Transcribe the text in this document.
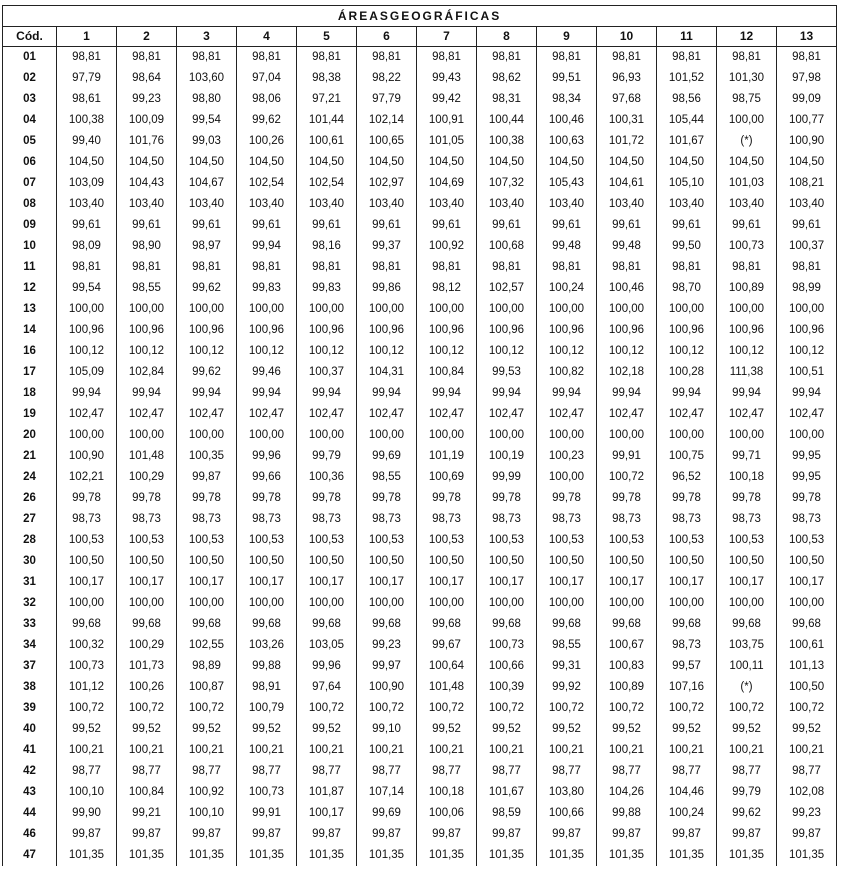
ÁREASGEOGRÁFICAS													
Cód.	1	2	3	4	5	6	7	8	9	10	11	12	13
01	98,81	98,81	98,81	98,81	98,81	98,81	98,81	98,81	98,81	98,81	98,81	98,81	98,81
02	97,79	98,64	103,60	97,04	98,38	98,22	99,43	98,62	99,51	96,93	101,52	101,30	97,98
03	98,61	99,23	98,80	98,06	97,21	97,79	99,42	98,31	98,34	97,68	98,56	98,75	99,09
04	100,38	100,09	99,54	99,62	101,44	102,14	100,91	100,44	100,46	100,31	105,44	100,00	100,77
05	99,40	101,76	99,03	100,26	100,61	100,65	101,05	100,38	100,63	101,72	101,67	(*)	100,90
06	104,50	104,50	104,50	104,50	104,50	104,50	104,50	104,50	104,50	104,50	104,50	104,50	104,50
07	103,09	104,43	104,67	102,54	102,54	102,97	104,69	107,32	105,43	104,61	105,10	101,03	108,21
08	103,40	103,40	103,40	103,40	103,40	103,40	103,40	103,40	103,40	103,40	103,40	103,40	103,40
09	99,61	99,61	99,61	99,61	99,61	99,61	99,61	99,61	99,61	99,61	99,61	99,61	99,61
10	98,09	98,90	98,97	99,94	98,16	99,37	100,92	100,68	99,48	99,48	99,50	100,73	100,37
11	98,81	98,81	98,81	98,81	98,81	98,81	98,81	98,81	98,81	98,81	98,81	98,81	98,81
12	99,54	98,55	99,62	99,83	99,83	99,86	98,12	102,57	100,24	100,46	98,70	100,89	98,99
13	100,00	100,00	100,00	100,00	100,00	100,00	100,00	100,00	100,00	100,00	100,00	100,00	100,00
14	100,96	100,96	100,96	100,96	100,96	100,96	100,96	100,96	100,96	100,96	100,96	100,96	100,96
16	100,12	100,12	100,12	100,12	100,12	100,12	100,12	100,12	100,12	100,12	100,12	100,12	100,12
17	105,09	102,84	99,62	99,46	100,37	104,31	100,84	99,53	100,82	102,18	100,28	111,38	100,51
18	99,94	99,94	99,94	99,94	99,94	99,94	99,94	99,94	99,94	99,94	99,94	99,94	99,94
19	102,47	102,47	102,47	102,47	102,47	102,47	102,47	102,47	102,47	102,47	102,47	102,47	102,47
20	100,00	100,00	100,00	100,00	100,00	100,00	100,00	100,00	100,00	100,00	100,00	100,00	100,00
21	100,90	101,48	100,35	99,96	99,79	99,69	101,19	100,19	100,23	99,91	100,75	99,71	99,95
24	102,21	100,29	99,87	99,66	100,36	98,55	100,69	99,99	100,00	100,72	96,52	100,18	99,95
26	99,78	99,78	99,78	99,78	99,78	99,78	99,78	99,78	99,78	99,78	99,78	99,78	99,78
27	98,73	98,73	98,73	98,73	98,73	98,73	98,73	98,73	98,73	98,73	98,73	98,73	98,73
28	100,53	100,53	100,53	100,53	100,53	100,53	100,53	100,53	100,53	100,53	100,53	100,53	100,53
30	100,50	100,50	100,50	100,50	100,50	100,50	100,50	100,50	100,50	100,50	100,50	100,50	100,50
31	100,17	100,17	100,17	100,17	100,17	100,17	100,17	100,17	100,17	100,17	100,17	100,17	100,17
32	100,00	100,00	100,00	100,00	100,00	100,00	100,00	100,00	100,00	100,00	100,00	100,00	100,00
33	99,68	99,68	99,68	99,68	99,68	99,68	99,68	99,68	99,68	99,68	99,68	99,68	99,68
34	100,32	100,29	102,55	103,26	103,05	99,23	99,67	100,73	98,55	100,67	98,73	103,75	100,61
37	100,73	101,73	98,89	99,88	99,96	99,97	100,64	100,66	99,31	100,83	99,57	100,11	101,13
38	101,12	100,26	100,87	98,91	97,64	100,90	101,48	100,39	99,92	100,89	107,16	(*)	100,50
39	100,72	100,72	100,72	100,79	100,72	100,72	100,72	100,72	100,72	100,72	100,72	100,72	100,72
40	99,52	99,52	99,52	99,52	99,52	99,10	99,52	99,52	99,52	99,52	99,52	99,52	99,52
41	100,21	100,21	100,21	100,21	100,21	100,21	100,21	100,21	100,21	100,21	100,21	100,21	100,21
42	98,77	98,77	98,77	98,77	98,77	98,77	98,77	98,77	98,77	98,77	98,77	98,77	98,77
43	100,10	100,84	100,92	100,73	101,87	107,14	100,18	101,67	103,80	104,26	104,46	99,79	102,08
44	99,90	99,21	100,10	99,91	100,17	99,69	100,06	98,59	100,66	99,88	100,24	99,62	99,23
46	99,87	99,87	99,87	99,87	99,87	99,87	99,87	99,87	99,87	99,87	99,87	99,87	99,87
47	101,35	101,35	101,35	101,35	101,35	101,35	101,35	101,35	101,35	101,35	101,35	101,35	101,35
